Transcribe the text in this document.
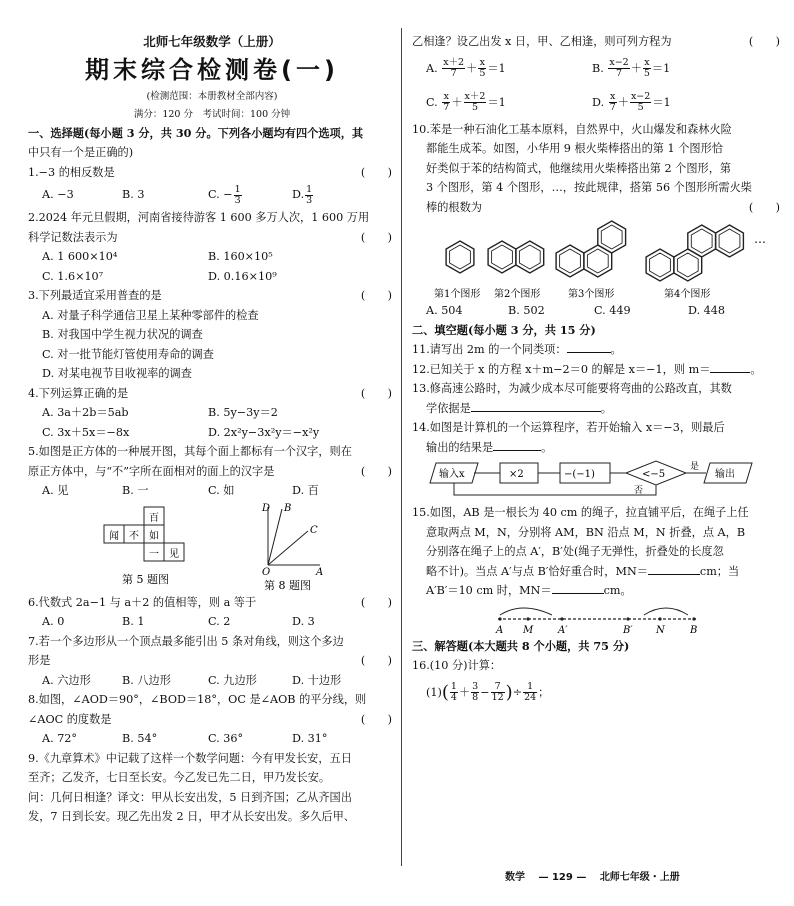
北师七年级数学（上册）
期末综合检测卷(一)
(检测范围：本册教材全部内容)
满分：120 分　考试时间：100 分钟
一、选择题(每小题 3 分，共 30 分。下列各小题均有四个选项，其
中只有一个是正确的)
1.−3 的相反数是	(　　)
A. −3	B. 3	C. − $\frac{1}{3}$	D. $\frac{1}{3}$
2.2024 年元旦假期，河南省接待游客 1 600 多万人次，1 600 万用
科学记数法表示为	(　　)
A. 1 600×10⁴	B. 160×10⁵
C. 1.6×10⁷	D. 0.16×10⁹
3.下列最适宜采用普查的是	(　　)
A. 对量子科学通信卫星上某种零部件的检查
B. 对我国中学生视力状况的调查
C. 对一批节能灯管使用寿命的调查
D. 对某电视节目收视率的调查
4.下列运算正确的是	(　　)
A. 3a＋2b＝5ab	B. 5y−3y＝2
C. 3x＋5x＝−8x	D. 2x²y−3x²y＝−x²y
5.如图是正方体的一种展开图，其每个面上都标有一个汉字，则在
原正方体中，与“不”字所在面相对的面上的汉字是	(　　)
A. 见	B. 一	C. 如	D. 百
百
闻 不 如
一 见
第 5 题图
D B
C
O	A
第 8 题图
6.代数式 2a−1 与 a＋2 的值相等，则 a 等于	(　　)
A. 0	B. 1	C. 2	D. 3
7.若一个多边形从一个顶点最多能引出 5 条对角线，则这个多边
形是	(　　)
A. 六边形	B. 八边形	C. 九边形	D. 十边形
8.如图，∠AOD＝90°，∠BOD＝18°，OC 是∠AOB 的平分线，则
∠AOC 的度数是	(　　)
A. 72°	B. 54°	C. 36°	D. 31°
9.《九章算术》中记载了这样一个数学问题：今有甲发长安，五日
至齐；乙发齐，七日至长安。今乙发已先二日，甲乃发长安。
问：几何日相逢？译文：甲从长安出发，5 日到齐国；乙从齐国出
发，7 日到长安。现乙先出发 2 日，甲才从长安出发。多久后甲、
乙相逢？设乙出发 x 日，甲、乙相逢，则可列方程为	(　　)
A. $\frac{x+2}{7} + \frac{x}{5} =1$	B. $\frac{x-2}{7} + \frac{x}{5} =1$
C. $\frac{x}{7} + \frac{x+2}{5} =1$	D. $\frac{x}{7} + \frac{x-2}{5} =1$
10.苯是一种石油化工基本原料，自然界中，火山爆发和森林火险
都能生成苯。如图，小华用 9 根火柴棒搭出的第 1 个图形恰
好类似于苯的结构简式，他继续用火柴棒搭出第 2 个图形，第
3 个图形，第 4 个图形，…，按此规律，搭第 56 个图形所需火柴
棒的根数为	(　　)
…
第1个图形 第2个图形	第3个图形	第4个图形
A. 504	B. 502	C. 449	D. 448
二、填空题(每小题 3 分，共 15 分)
11.请写出 2m 的一个同类项：	。
12.已知关于 x 的方程 x＋m−2＝0 的解是 x＝−1，则 m＝	。
13.修高速公路时，为减少成本尽可能要将弯曲的公路改直，其数
学依据是	。
14.如图是计算机的一个运算程序，若开始输入 x＝−3，则最后
输出的结果是	。
输入x	×2	−(−1)	<−5	输出
是
否
15.如图，AB 是一根长为 40 cm 的绳子，拉直铺平后，在绳子上任
意取两点 M，N，分别将 AM，BN 沿点 M，N 折叠，点 A，B
分别落在绳子上的点 A′，B′处(绳子无弹性，折叠处的长度忽
略不计)。当点 A′与点 B′恰好重合时，MN＝	cm；当
A′B′＝10 cm 时，MN＝	cm。
A M A′	B′ N	B
三、解答题(本大题共 8 个小题，共 75 分)
16.(10 分)计算：
(1) ( $\frac{1}{4} + \frac{3}{8} - \frac{7}{12}$ ) ÷ $\frac{1}{24}$ ；
数学 — 129 — 北师七年级・上册
